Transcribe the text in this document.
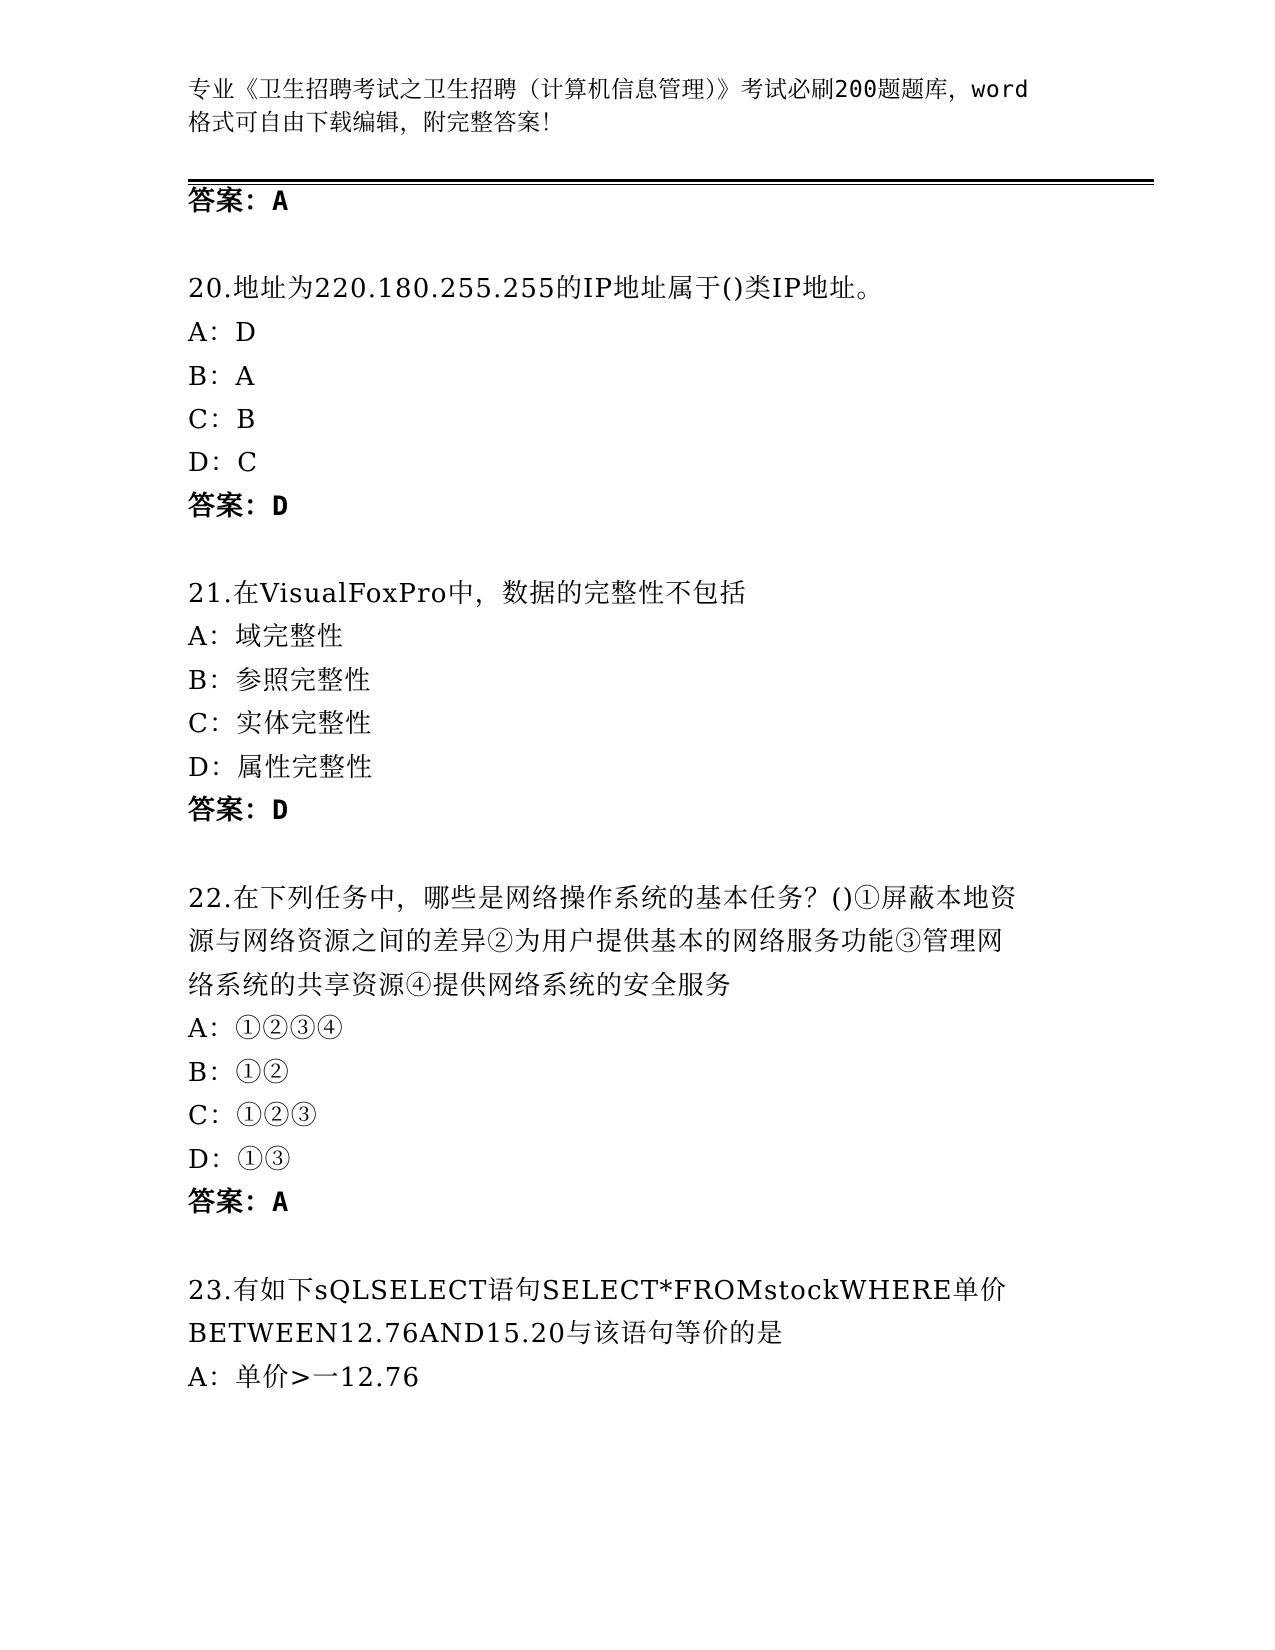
专业《卫生招聘考试之卫生招聘（计算机信息管理）》考试必刷200题题库，word
格式可自由下载编辑，附完整答案！
答案：A
20.地址为220.180.255.255的IP地址属于()类IP地址。
A：D
B：A
C：B
D：C
答案：D
21.在VisualFoxPro中，数据的完整性不包括
A：域完整性
B：参照完整性
C：实体完整性
D：属性完整性
答案：D
22.在下列任务中，哪些是网络操作系统的基本任务？()①屏蔽本地资
源与网络资源之间的差异②为用户提供基本的网络服务功能③管理网
络系统的共享资源④提供网络系统的安全服务
A：①②③④
B：①②
C：①②③
D：①③
答案：A
23.有如下sQLSELECT语句SELECT*FROMstockWHERE单价
BETWEEN12.76AND15.20与该语句等价的是
A：单价>一12.76
